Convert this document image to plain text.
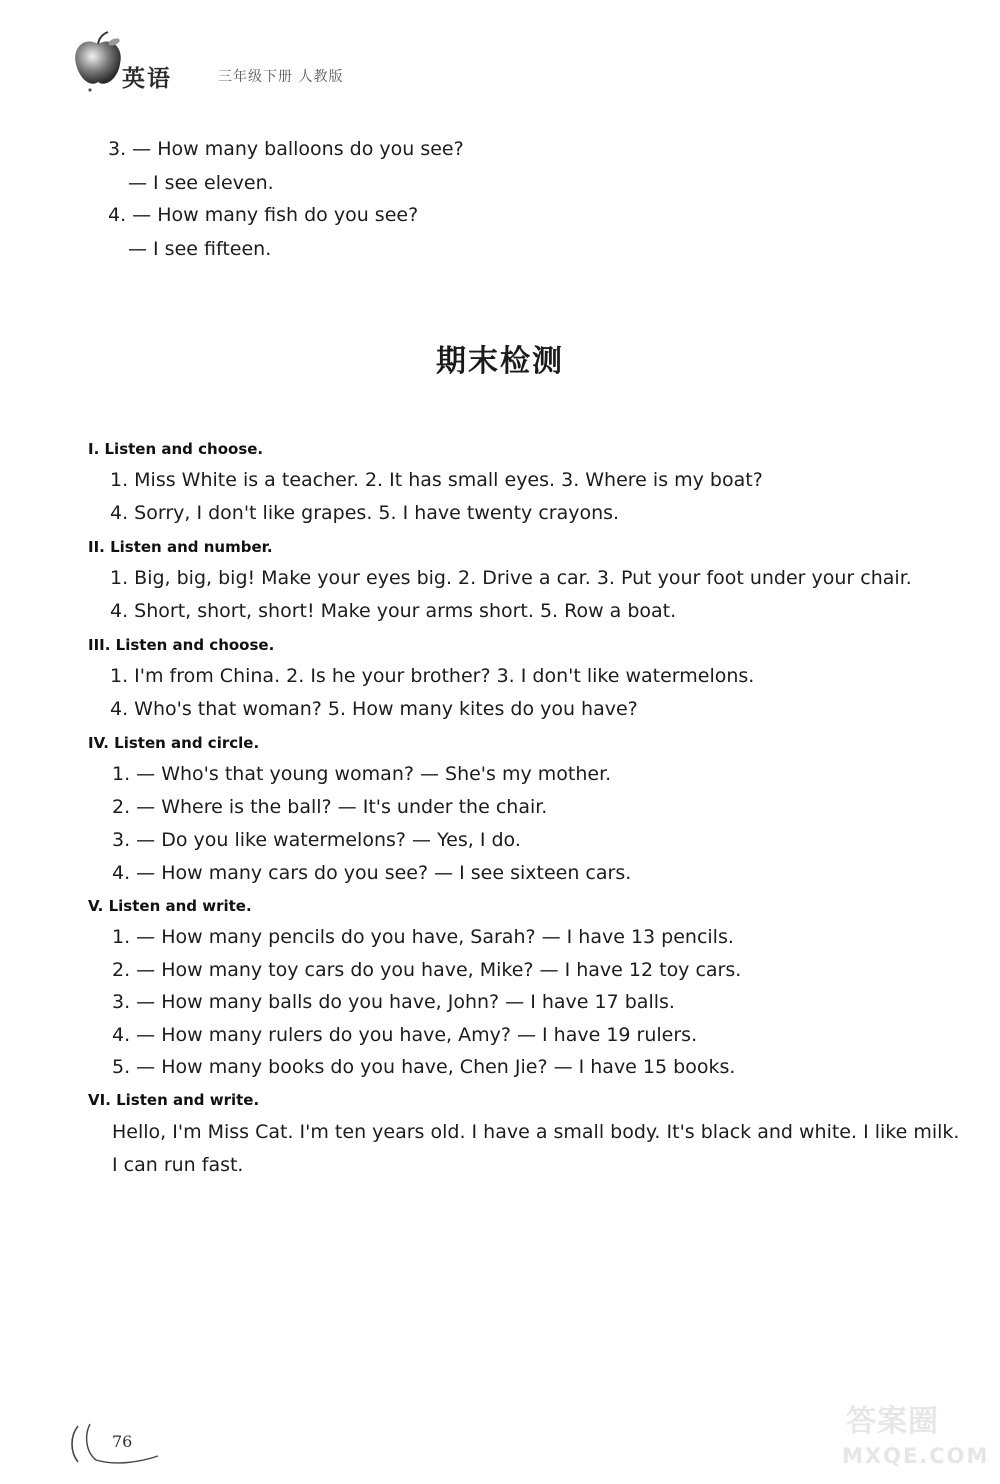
英语	三年级下册 人教版
3. — How many balloons do you see?
— I see eleven.
4. — How many fish do you see?
— I see fifteen.
期末检测
I. Listen and choose.
1. Miss White is a teacher. 2. It has small eyes. 3. Where is my boat?
4. Sorry, I don't like grapes. 5. I have twenty crayons.
II. Listen and number.
1. Big, big, big! Make your eyes big. 2. Drive a car. 3. Put your foot under your chair.
4. Short, short, short! Make your arms short. 5. Row a boat.
III. Listen and choose.
1. I'm from China. 2. Is he your brother? 3. I don't like watermelons.
4. Who's that woman? 5. How many kites do you have?
IV. Listen and circle.
1. — Who's that young woman? — She's my mother.
2. — Where is the ball? — It's under the chair.
3. — Do you like watermelons? — Yes, I do.
4. — How many cars do you see? — I see sixteen cars.
V. Listen and write.
1. — How many pencils do you have, Sarah? — I have 13 pencils.
2. — How many toy cars do you have, Mike? — I have 12 toy cars.
3. — How many balls do you have, John? — I have 17 balls.
4. — How many rulers do you have, Amy? — I have 19 rulers.
5. — How many books do you have, Chen Jie? — I have 15 books.
VI. Listen and write.
Hello, I'm Miss Cat. I'm ten years old. I have a small body. It's black and white. I like milk.
I can run fast.
76
答案圈
MXQE.COM
